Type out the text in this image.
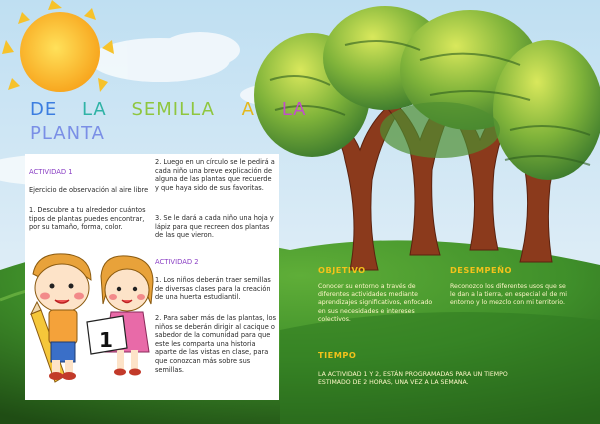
DE LA SEMILLA A LA
PLANTA
ACTIVIDAD 1
Ejercicio de observación al aire libre
1. Descubre a tu alrededor cuántos tipos de plantas puedes encontrar, por su tamaño, forma, color.
2. Luego en un círculo se le pedirá a cada niño una breve explicación de alguna de las plantas que recuerde y que haya sido de sus favoritas.
3. Se le dará a cada niño una hoja y lápiz para que recreen dos plantas de las que vieron.
ACTIVIDAD 2
1. Los niños deberán traer semillas de diversas clases para la creación de una huerta estudiantil.
2. Para saber más de las plantas, los niños se deberán dirigir al cacique o sabedor de la comunidad para que este les comparta una historia aparte de las vistas en clase, para que conozcan más sobre sus semillas.
1
OBJETIVO
Conocer su entorno a través de diferentes actividades mediante aprendizajes significativos, enfocado en sus necesidades e intereses colectivos.
DESEMPEÑO
Reconozco los diferentes usos que se le dan a la tierra, en especial el de mi entorno y lo mezclo con mi territorio.
TIEMPO
LA ACTIVIDAD 1 Y 2, ESTÁN PROGRAMADAS PARA UN TIEMPO ESTIMADO DE 2 HORAS, UNA VEZ A LA SEMANA.
